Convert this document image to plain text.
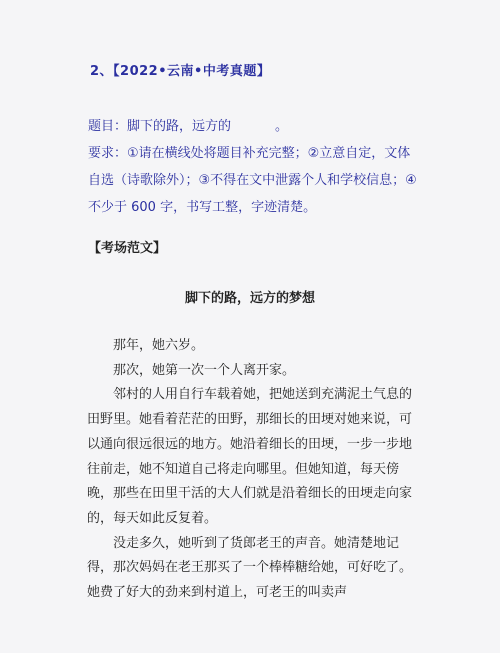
2、【2022•云南•中考真题】
题目：脚下的路，远方的	。
要求：①请在横线处将题目补充完整；②立意自定，文体自选（诗歌除外）；③不得在文中泄露个人和学校信息；④不少于 600 字，书写工整，字迹清楚。
【考场范文】
脚下的路，远方的梦想

那年，她六岁。

那次，她第一次一个人离开家。

邻村的人用自行车载着她，把她送到充满泥土气息的田野里。她看着茫茫的田野，那细长的田埂对她来说，可以通向很远很远的地方。她沿着细长的田埂，一步一步地往前走，她不知道自己将走向哪里。但她知道，每天傍晚，那些在田里干活的大人们就是沿着细长的田埂走向家的，每天如此反复着。

没走多久，她听到了货郎老王的声音。她清楚地记得，那次妈妈在老王那买了一个棒棒糖给她，可好吃了。她费了好大的劲来到村道上，可老王的叫卖声
